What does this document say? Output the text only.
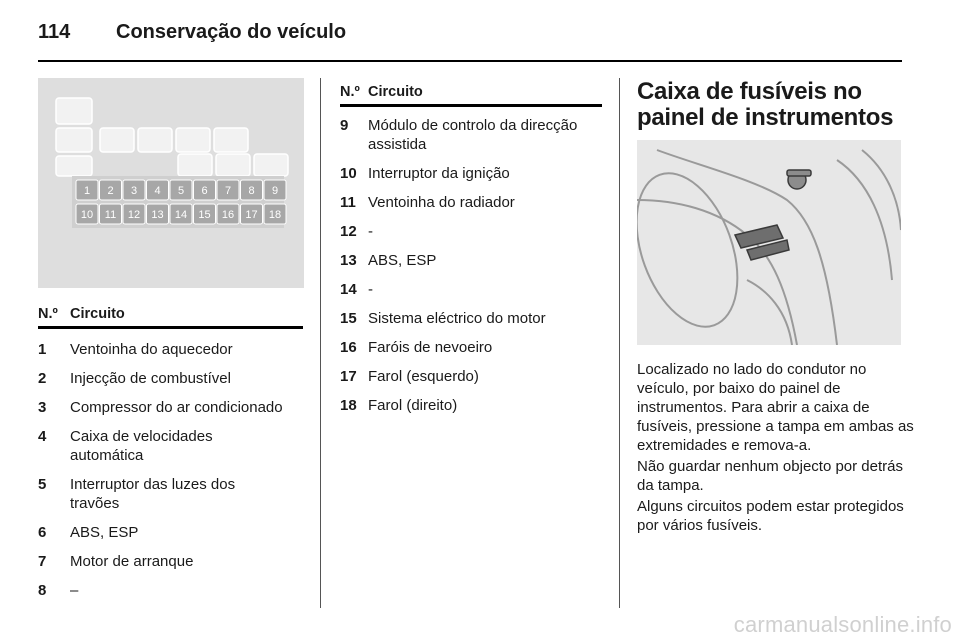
114 Conservação do veículo
1 2 3 4 5 6 7 8 9
10 11 12 13 14 15 16 17 18
N.º Circuito
1 Ventoinha do aquecedor
2 Injecção de combustível
3 Compressor do ar condicionado
4 Caixa de velocidades automática
5 Interruptor das luzes dos travões
6 ABS, ESP
7 Motor de arranque
8 –
N.º Circuito
9 Módulo de controlo da direcção assistida
10 Interruptor da ignição
11 Ventoinha do radiador
12 -
13 ABS, ESP
14 -
15 Sistema eléctrico do motor
16 Faróis de nevoeiro
17 Farol (esquerdo)
18 Farol (direito)
Caixa de fusíveis no painel de instrumentos

Localizado no lado do condutor no veículo, por baixo do painel de instrumentos. Para abrir a caixa de fusíveis, pressione a tampa em ambas as extremidades e remova-a.

Não guardar nenhum objecto por detrás da tampa.

Alguns circuitos podem estar protegidos por vários fusíveis.

carmanualsonline.info
